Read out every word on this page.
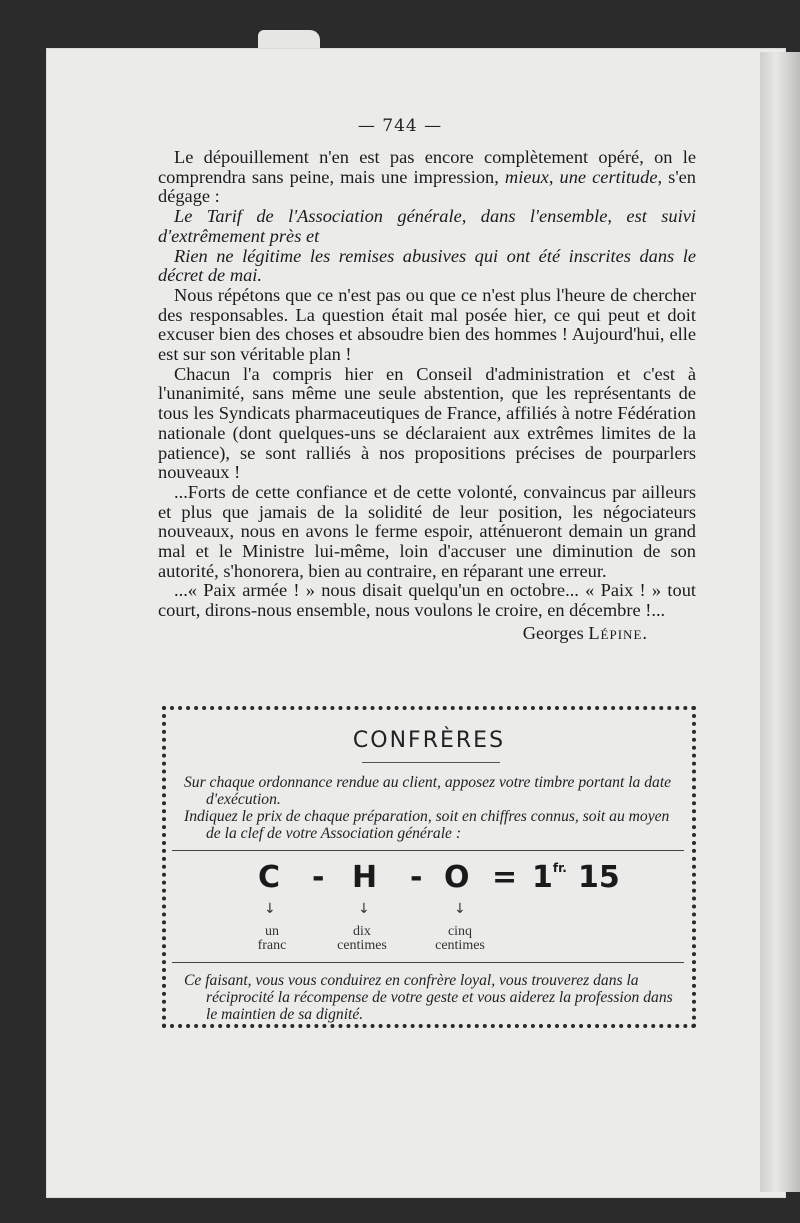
— 744 —

Le dépouillement n'en est pas encore complètement opéré, on le comprendra sans peine, mais une impression, mieux, une certitude, s'en dégage :

Le Tarif de l'Association générale, dans l'ensemble, est suivi d'extrêmement près et

Rien ne légitime les remises abusives qui ont été inscrites dans le décret de mai.

Nous répétons que ce n'est pas ou que ce n'est plus l'heure de chercher des responsables. La question était mal posée hier, ce qui peut et doit excuser bien des choses et absoudre bien des hommes ! Aujourd'hui, elle est sur son véritable plan !

Chacun l'a compris hier en Conseil d'administration et c'est à l'unanimité, sans même une seule abstention, que les représentants de tous les Syndicats pharmaceutiques de France, affiliés à notre Fédération nationale (dont quelques-uns se déclaraient aux extrêmes limites de la patience), se sont ralliés à nos propositions précises de pourparlers nouveaux !

...Forts de cette confiance et de cette volonté, convaincus par ailleurs et plus que jamais de la solidité de leur position, les négociateurs nouveaux, nous en avons le ferme espoir, atténueront demain un grand mal et le Ministre lui-même, loin d'accuser une diminution de son autorité, s'honorera, bien au contraire, en réparant une erreur.

...« Paix armée ! » nous disait quelqu'un en octobre... « Paix ! » tout court, dirons-nous ensemble, nous voulons le croire, en décembre !...

Georges Lépine.

CONFRÈRES

Sur chaque ordonnance rendue au client, apposez votre timbre portant la date d'exécution.

Indiquez le prix de chaque préparation, soit en chiffres connus, soit au moyen de la clef de votre Association générale :

$C - H - O = 1^{fr.}$ 15
↓	↓	↓
un
franc
dix
centimes
cinq
centimes

Ce faisant, vous vous conduirez en confrère loyal, vous trouverez dans la réciprocité la récompense de votre geste et vous aiderez la profession dans le maintien de sa dignité.
